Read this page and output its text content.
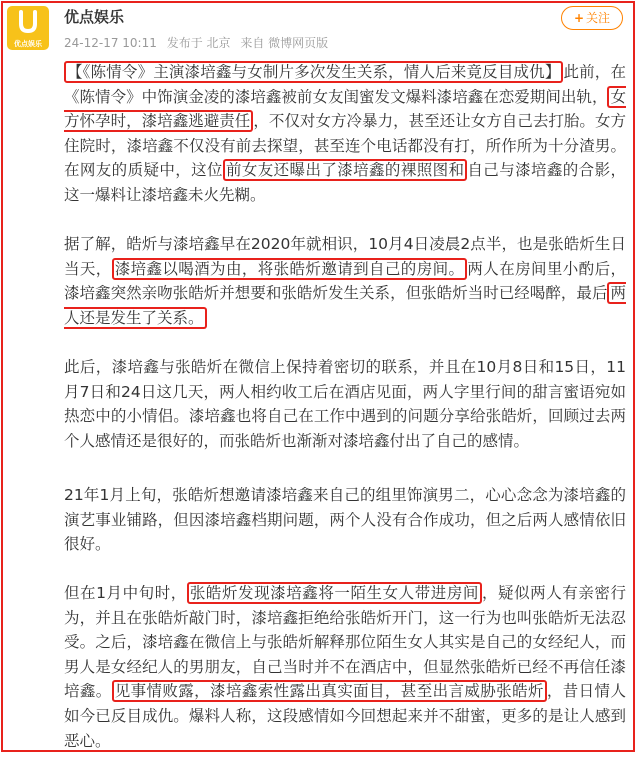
优点娱乐
优点娱乐
24-12-17 10:11 发布于 北京 来自 微博网页版
+ 关注

【《陈情令》主演漆培鑫与女制片多次发生关系，情人后来竟反目成仇】 此前，在《陈情令》中饰演金凌的漆培鑫被前女友闺蜜发文爆料漆培鑫在恋爱期间出轨， 女方怀孕时，漆培鑫逃避责任 ，不仅对女方冷暴力，甚至还让女方自己去打胎。女方住院时，漆培鑫不仅没有前去探望，甚至连个电话都没有打，所作所为十分渣男。在网友的质疑中，这位 前女友还曝出了漆培鑫的裸照图和 自己与漆培鑫的合影，这一爆料让漆培鑫未火先糊。

据了解，皓炘与漆培鑫早在2020年就相识，10月4日凌晨2点半，也是张皓炘生日当天， 漆培鑫以喝酒为由，将张皓炘邀请到自己的房间。 两人在房间里小酌后，漆培鑫突然亲吻张皓炘并想要和张皓炘发生关系，但张皓炘当时已经喝醉，最后 两人还是发生了关系。

此后，漆培鑫与张皓炘在微信上保持着密切的联系，并且在10月8日和15日，11月7日和24日这几天，两人相约收工后在酒店见面，两人字里行间的甜言蜜语宛如热恋中的小情侣。漆培鑫也将自己在工作中遇到的问题分享给张皓炘，回顾过去两个人感情还是很好的，而张皓炘也渐渐对漆培鑫付出了自己的感情。

21年1月上旬，张皓炘想邀请漆培鑫来自己的组里饰演男二，心心念念为漆培鑫的演艺事业铺路，但因漆培鑫档期问题，两个人没有合作成功，但之后两人感情依旧很好。

但在1月中旬时， 张皓炘发现漆培鑫将一陌生女人带进房间 ，疑似两人有亲密行为，并且在张皓炘敲门时，漆培鑫拒绝给张皓炘开门，这一行为也叫张皓炘无法忍受。之后，漆培鑫在微信上与张皓炘解释那位陌生女人其实是自己的女经纪人，而男人是女经纪人的男朋友，自己当时并不在酒店中，但显然张皓炘已经不再信任漆培鑫。 见事情败露，漆培鑫索性露出真实面目，甚至出言威胁张皓炘 ，昔日情人如今已反目成仇。爆料人称，这段感情如今回想起来并不甜蜜，更多的是让人感到恶心。
